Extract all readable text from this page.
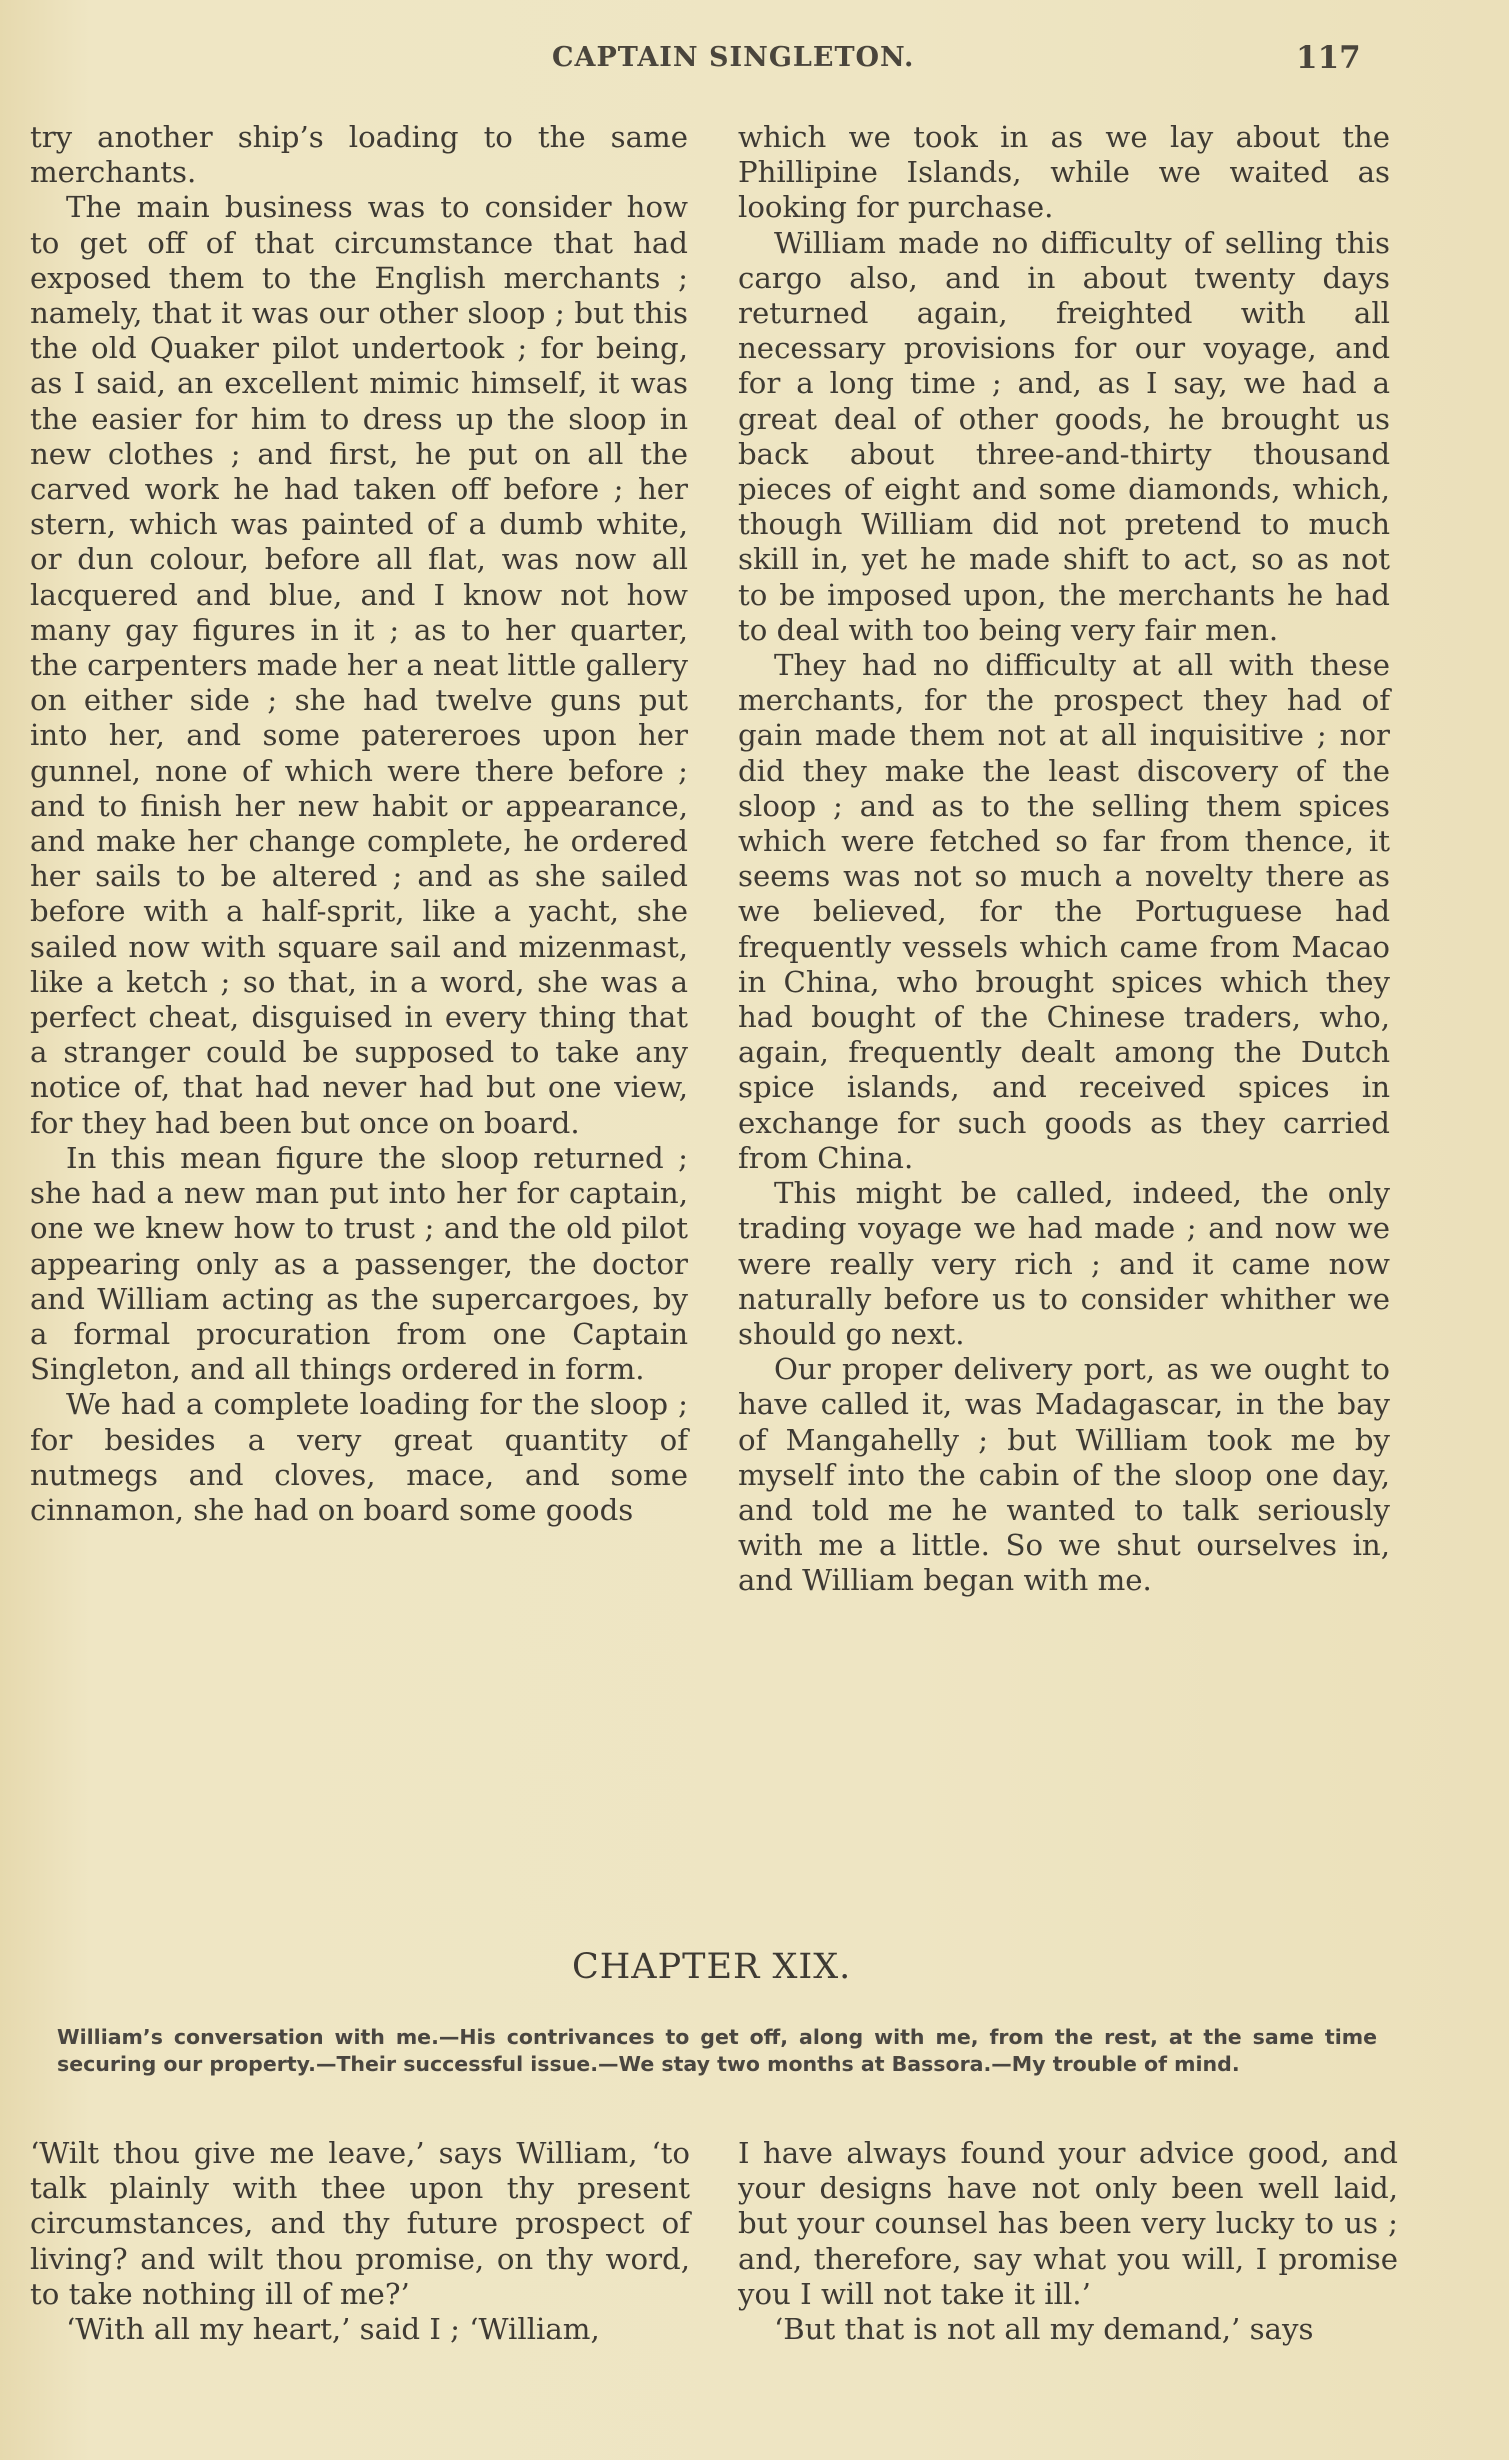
CAPTAIN SINGLETON.	117

try another ship’s loading to the same merchants.

The main business was to consider how to get off of that circumstance that had exposed them to the English merchants ; namely, that it was our other sloop ; but this the old Quaker pilot undertook ; for being, as I said, an excellent mimic himself, it was the easier for him to dress up the sloop in new clothes ; and first, he put on all the carved work he had taken off before ; her stern, which was painted of a dumb white, or dun colour, before all flat, was now all lacquered and blue, and I know not how many gay figures in it ; as to her quarter, the carpenters made her a neat little gallery on either side ; she had twelve guns put into her, and some patereroes upon her gunnel, none of which were there before ; and to finish her new habit or appearance, and make her change complete, he ordered her sails to be altered ; and as she sailed before with a half-sprit, like a yacht, she sailed now with square sail and mizenmast, like a ketch ; so that, in a word, she was a perfect cheat, disguised in every thing that a stranger could be supposed to take any notice of, that had never had but one view, for they had been but once on board.

In this mean figure the sloop returned ; she had a new man put into her for captain, one we knew how to trust ; and the old pilot appearing only as a passenger, the doctor and William acting as the supercargoes, by a formal procuration from one Captain Singleton, and all things ordered in form.

We had a complete loading for the sloop ; for besides a very great quantity of nutmegs and cloves, mace, and some cinnamon, she had on board some goods

which we took in as we lay about the Phillipine Islands, while we waited as looking for purchase.

William made no difficulty of selling this cargo also, and in about twenty days returned again, freighted with all necessary provisions for our voyage, and for a long time ; and, as I say, we had a great deal of other goods, he brought us back about three-and-thirty thousand pieces of eight and some diamonds, which, though William did not pretend to much skill in, yet he made shift to act, so as not to be imposed upon, the merchants he had to deal with too being very fair men.

They had no difficulty at all with these merchants, for the prospect they had of gain made them not at all inquisitive ; nor did they make the least discovery of the sloop ; and as to the selling them spices which were fetched so far from thence, it seems was not so much a novelty there as we believed, for the Portuguese had frequently vessels which came from Macao in China, who brought spices which they had bought of the Chinese traders, who, again, frequently dealt among the Dutch spice islands, and received spices in exchange for such goods as they carried from China.

This might be called, indeed, the only trading voyage we had made ; and now we were really very rich ; and it came now naturally before us to consider whither we should go next.

Our proper delivery port, as we ought to have called it, was Madagascar, in the bay of Mangahelly ; but William took me by myself into the cabin of the sloop one day, and told me he wanted to talk seriously with me a little. So we shut ourselves in, and William began with me.

CHAPTER XIX.
William’s conversation with me.—His contrivances to get off, along with me, from the rest, at the same time securing our property.—Their successful issue.—We stay two months at Bassora.—My trouble of mind.

‘Wilt thou give me leave,’ says William, ‘to talk plainly with thee upon thy present circumstances, and thy future prospect of living? and wilt thou promise, on thy word, to take nothing ill of me?’

‘With all my heart,’ said I ; ‘William,

I have always found your advice good, and your designs have not only been well laid, but your counsel has been very lucky to us ; and, therefore, say what you will, I promise you I will not take it ill.’

‘But that is not all my demand,’ says
